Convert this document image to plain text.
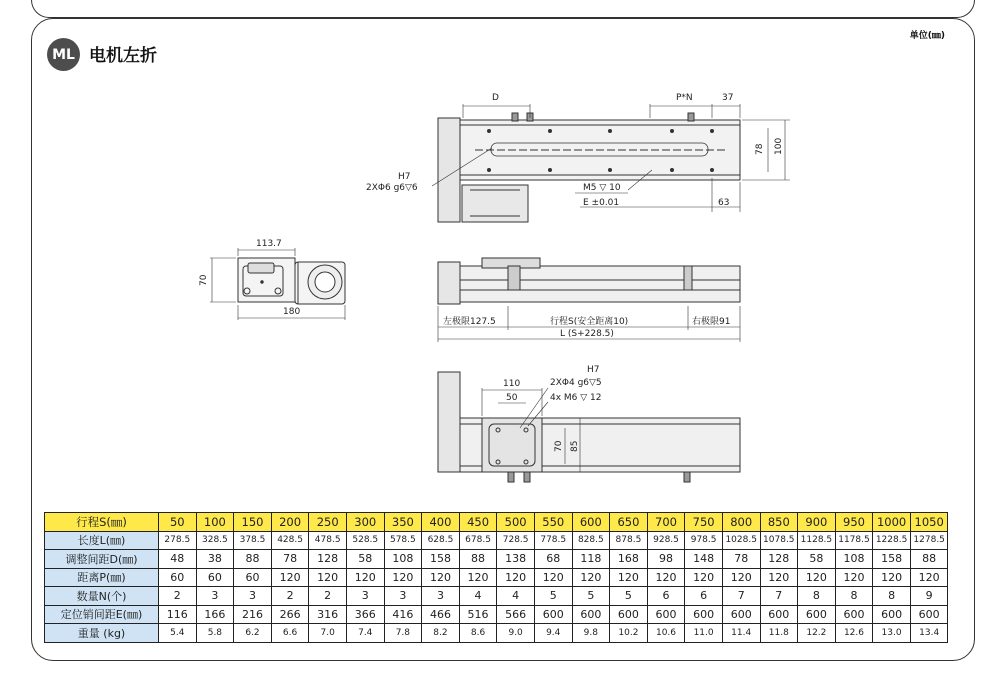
ML 电机左折
单位(㎜)
D	P*N	37
78 100
H7
2XΦ6 g6▽6	M5 ▽ 10
E ±0.01	63
113.7
70
180
左极限127.5	行程S(安全距离10)	右极限91
L (S+228.5)
H7
2XΦ4 g6▽5
4x M6 ▽ 12
110
50
70 85
行程S(㎜)	50	100	150	200	250	300	350	400	450	500	550	600	650	700	750	800	850	900	950	1000	1050
长度L(㎜)	278.5	328.5	378.5	428.5	478.5	528.5	578.5	628.5	678.5	728.5	778.5	828.5	878.5	928.5	978.5	1028.5	1078.5	1128.5	1178.5	1228.5	1278.5
调整间距D(㎜)	48	38	88	78	128	58	108	158	88	138	68	118	168	98	148	78	128	58	108	158	88
距离P(㎜)	60	60	60	120	120	120	120	120	120	120	120	120	120	120	120	120	120	120	120	120	120
数量N(个)	2	3	3	2	2	3	3	3	4	4	5	5	5	6	6	7	7	8	8	8	9
定位销间距E(㎜)	116	166	216	266	316	366	416	466	516	566	600	600	600	600	600	600	600	600	600	600	600
重量 (kg)	5.4	5.8	6.2	6.6	7.0	7.4	7.8	8.2	8.6	9.0	9.4	9.8	10.2	10.6	11.0	11.4	11.8	12.2	12.6	13.0	13.4
